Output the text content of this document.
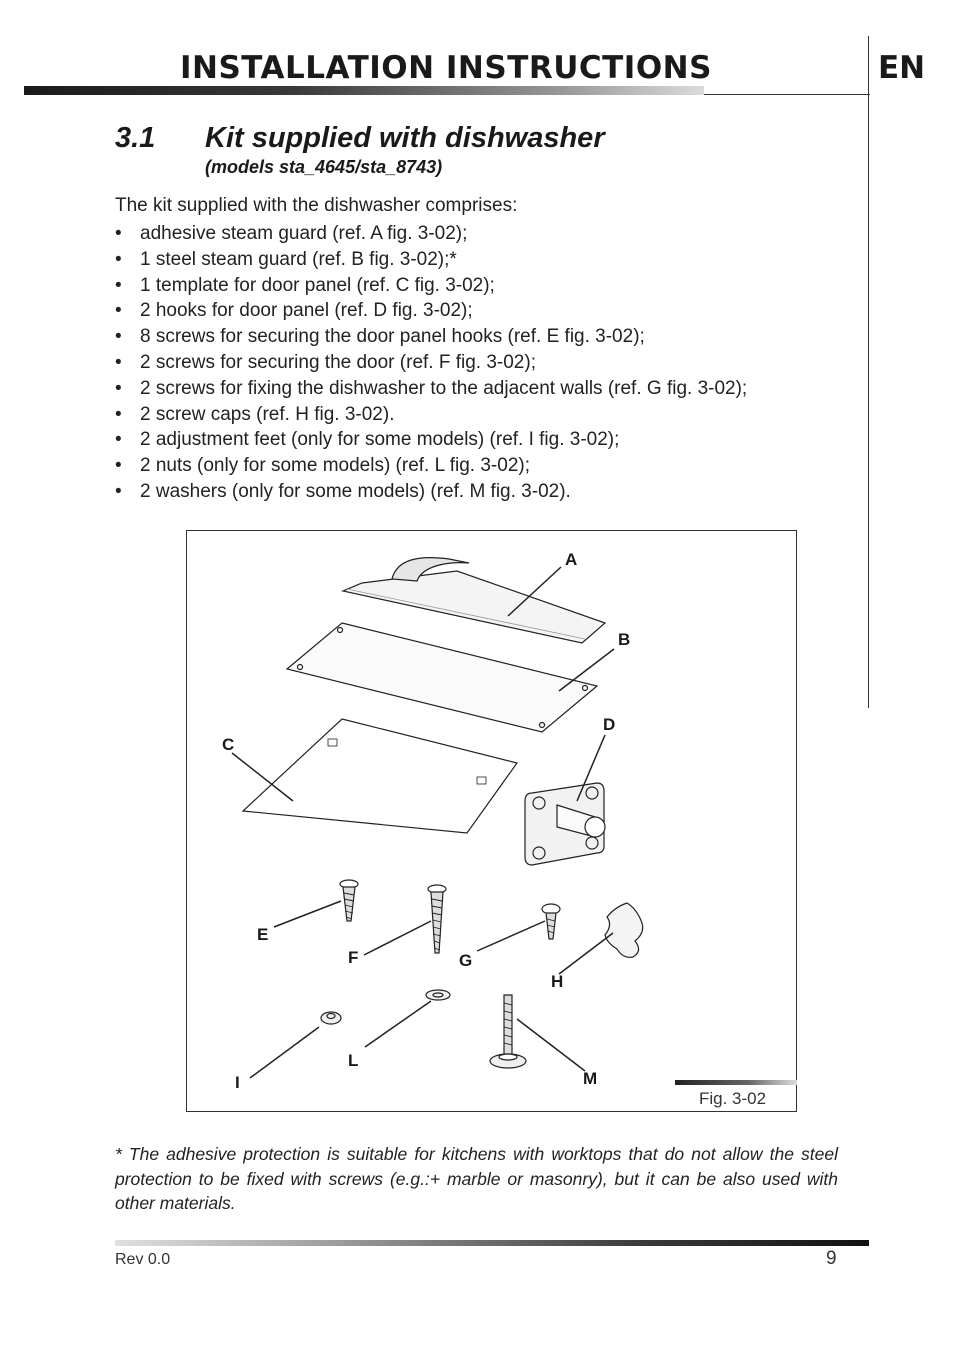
INSTALLATION INSTRUCTIONS	EN
3.1 Kit supplied with dishwasher
(models sta_4645/sta_8743)
The kit supplied with the dishwasher comprises:
• adhesive steam guard (ref. A fig. 3-02);
• 1 steel steam guard (ref. B fig. 3-02);*
• 1 template for door panel (ref. C fig. 3-02);
• 2 hooks for door panel (ref. D fig. 3-02);
• 8 screws for securing the door panel hooks (ref. E fig. 3-02);
• 2 screws for securing the door (ref. F fig. 3-02);
• 2 screws for fixing the dishwasher to the adjacent walls (ref. G fig. 3-02);
• 2 screw caps (ref. H fig. 3-02).
• 2 adjustment feet (only for some models) (ref. I fig. 3-02);
• 2 nuts (only for some models) (ref. L fig. 3-02);
• 2 washers (only for some models) (ref. M fig. 3-02).
A
B
C
D
E
F	G
H
I
L
M
Fig. 3-02
* The adhesive protection is suitable for kitchens with worktops that do not allow the steel protection to be fixed with screws (e.g.:+ marble or masonry), but it can be also used with other materials.
Rev 0.0	9
